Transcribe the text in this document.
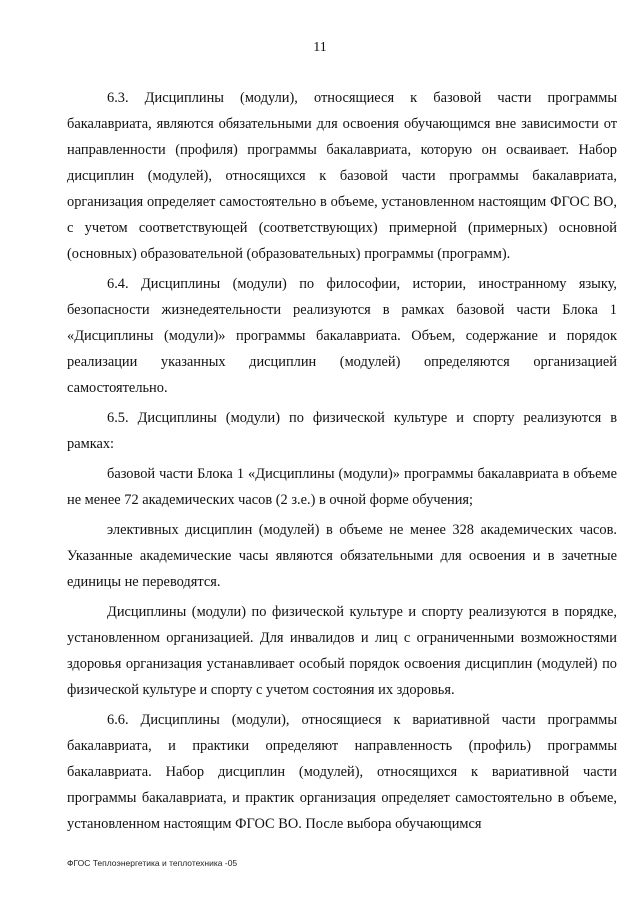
11

6.3. Дисциплины (модули), относящиеся к базовой части программы бакалавриата, являются обязательными для освоения обучающимся вне зависимости от направленности (профиля) программы бакалавриата, которую он осваивает. Набор дисциплин (модулей), относящихся к базовой части программы бакалавриата, организация определяет самостоятельно в объеме, установленном настоящим ФГОС ВО, с учетом соответствующей (соответствующих) примерной (примерных) основной (основных) образовательной (образовательных) программы (программ).

6.4. Дисциплины (модули) по философии, истории, иностранному языку, безопасности жизнедеятельности реализуются в рамках базовой части Блока 1 «Дисциплины (модули)» программы бакалавриата. Объем, содержание и порядок реализации указанных дисциплин (модулей) определяются организацией самостоятельно.

6.5. Дисциплины (модули) по физической культуре и спорту реализуются в рамках:

базовой части Блока 1 «Дисциплины (модули)» программы бакалавриата в объеме не менее 72 академических часов (2 з.е.) в очной форме обучения;

элективных дисциплин (модулей) в объеме не менее 328 академических часов. Указанные академические часы являются обязательными для освоения и в зачетные единицы не переводятся.

Дисциплины (модули) по физической культуре и спорту реализуются в порядке, установленном организацией. Для инвалидов и лиц с ограниченными возможностями здоровья организация устанавливает особый порядок освоения дисциплин (модулей) по физической культуре и спорту с учетом состояния их здоровья.

6.6. Дисциплины (модули), относящиеся к вариативной части программы бакалавриата, и практики определяют направленность (профиль) программы бакалавриата. Набор дисциплин (модулей), относящихся к вариативной части программы бакалавриата, и практик организация определяет самостоятельно в объеме, установленном настоящим ФГОС ВО. После выбора обучающимся

ФГОС Теплоэнергетика и теплотехника -05
